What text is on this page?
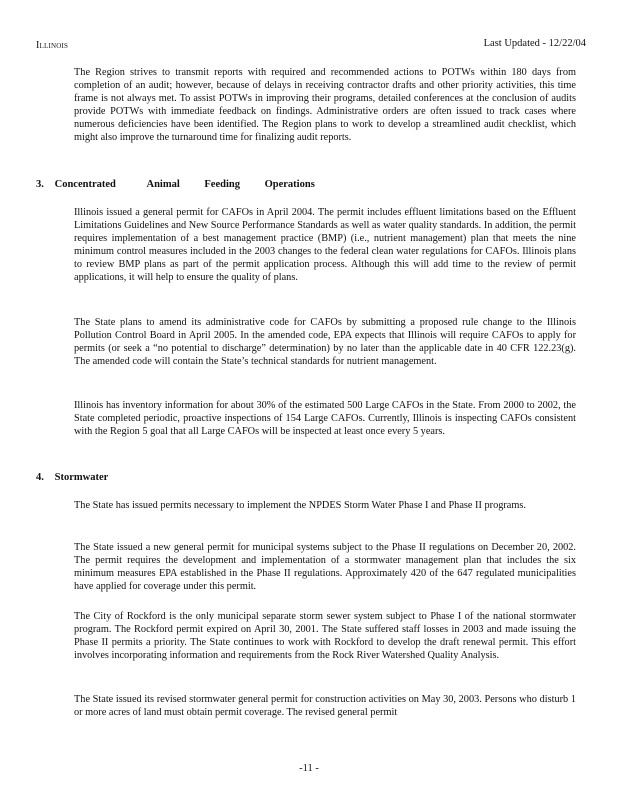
Illinois	Last Updated - 12/22/04

The Region strives to transmit reports with required and recommended actions to POTWs within 180 days from completion of an audit; however, because of delays in receiving contractor drafts and other priority activities, this time frame is not always met. To assist POTWs in improving their programs, detailed conferences at the conclusion of audits provide POTWs with immediate feedback on findings. Administrative orders are often issued to track cases where numerous deficiencies have been identified. The Region plans to work to develop a streamlined audit checklist, which might also improve the turnaround time for finalizing audit reports.

3. Concentrated	Animal Feeding Operations

Illinois issued a general permit for CAFOs in April 2004. The permit includes effluent limitations based on the Effluent Limitations Guidelines and New Source Performance Standards as well as water quality standards. In addition, the permit requires implementation of a best management practice (BMP) (i.e., nutrient management) plan that meets the nine minimum control measures included in the 2003 changes to the federal clean water regulations for CAFOs. Illinois plans to review BMP plans as part of the permit application process. Although this will add time to the review of permit applications, it will help to ensure the quality of plans.

The State plans to amend its administrative code for CAFOs by submitting a proposed rule change to the Illinois Pollution Control Board in April 2005. In the amended code, EPA expects that Illinois will require CAFOs to apply for permits (or seek a “no potential to discharge” determination) by no later than the applicable date in 40 CFR 122.23(g). The amended code will contain the State’s technical standards for nutrient management.

Illinois has inventory information for about 30% of the estimated 500 Large CAFOs in the State. From 2000 to 2002, the State completed periodic, proactive inspections of 154 Large CAFOs. Currently, Illinois is inspecting CAFOs consistent with the Region 5 goal that all Large CAFOs will be inspected at least once every 5 years.

4. Stormwater

The State has issued permits necessary to implement the NPDES Storm Water Phase I and Phase II programs.

The State issued a new general permit for municipal systems subject to the Phase II regulations on December 20, 2002. The permit requires the development and implementation of a stormwater management plan that includes the six minimum measures EPA established in the Phase II regulations. Approximately 420 of the 647 regulated municipalities have applied for coverage under this permit.

The City of Rockford is the only municipal separate storm sewer system subject to Phase I of the national stormwater program. The Rockford permit expired on April 30, 2001. The State suffered staff losses in 2003 and made issuing the Phase II permits a priority. The State continues to work with Rockford to develop the draft renewal permit. This effort involves incorporating information and requirements from the Rock River Watershed Quality Analysis.

The State issued its revised stormwater general permit for construction activities on May 30, 2003. Persons who disturb 1 or more acres of land must obtain permit coverage. The revised general permit

-11 -
